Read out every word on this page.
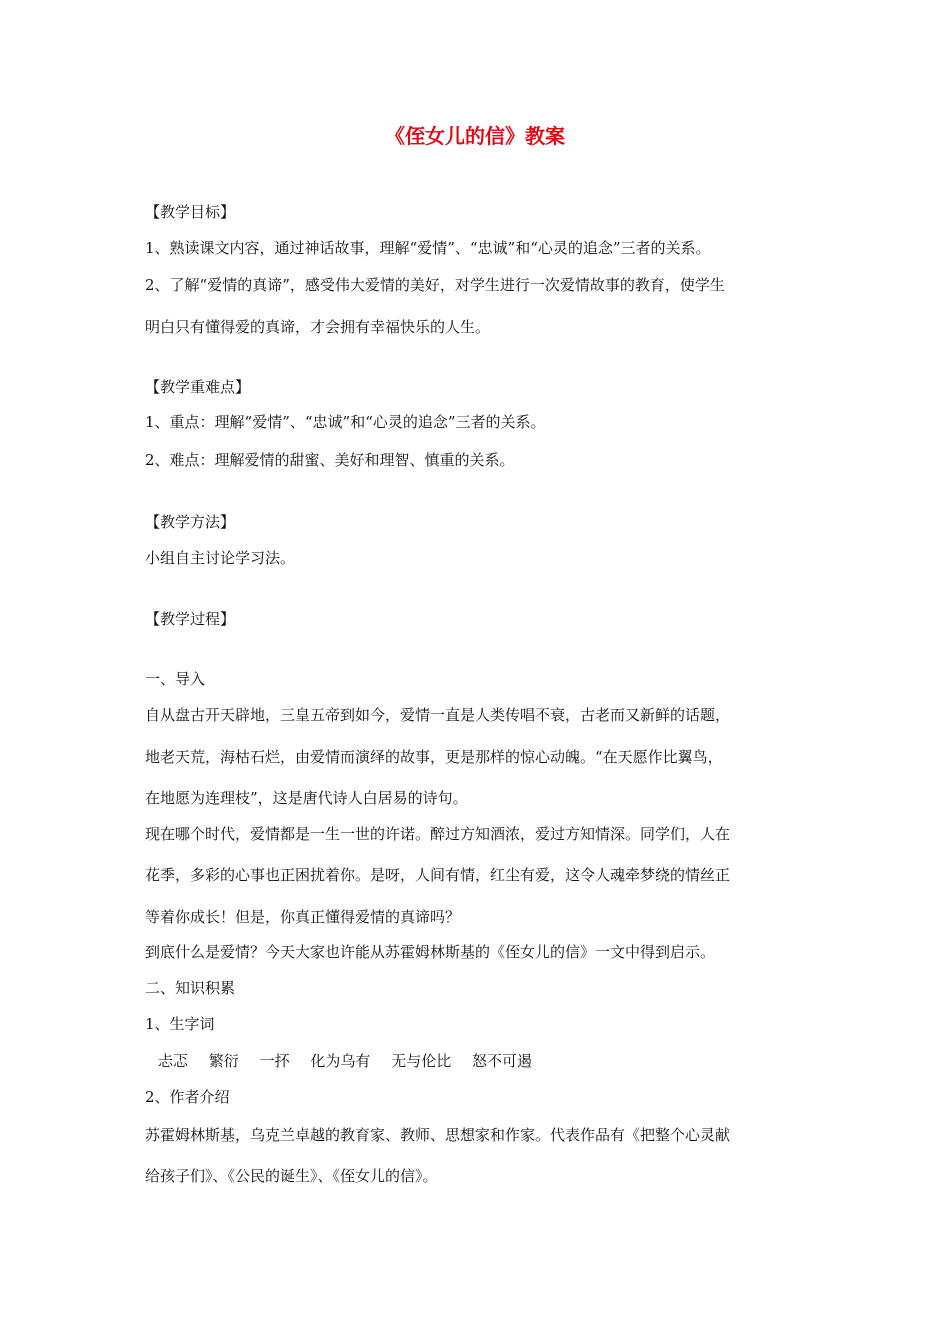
《侄女儿的信》教案

【教学目标】

1、熟读课文内容，通过神话故事，理解“爱情”、“忠诚”和“心灵的追念”三者的关系。

2、了解“爱情的真谛”，感受伟大爱情的美好，对学生进行一次爱情故事的教育，使学生

明白只有懂得爱的真谛，才会拥有幸福快乐的人生。

【教学重难点】

1、重点：理解“爱情”、“忠诚”和“心灵的追念”三者的关系。

2、难点：理解爱情的甜蜜、美好和理智、慎重的关系。

【教学方法】

小组自主讨论学习法。

【教学过程】

一、导入

自从盘古开天辟地，三皇五帝到如今，爱情一直是人类传唱不衰，古老而又新鲜的话题，

地老天荒，海枯石烂，由爱情而演绎的故事，更是那样的惊心动魄。“在天愿作比翼鸟，

在地愿为连理枝”，这是唐代诗人白居易的诗句。

现在哪个时代，爱情都是一生一世的许诺。醉过方知酒浓，爱过方知情深。同学们，人在

花季，多彩的心事也正困扰着你。是呀，人间有情，红尘有爱，这令人魂牵梦绕的情丝正

等着你成长！但是，你真正懂得爱情的真谛吗？

到底什么是爱情？今天大家也许能从苏霍姆林斯基的《侄女儿的信》一文中得到启示。

二、知识积累

1、生字词

忐忑 繁衍 一抔 化为乌有 无与伦比 怒不可遏

2、作者介绍

苏霍姆林斯基，乌克兰卓越的教育家、教师、思想家和作家。代表作品有《把整个心灵献

给孩子们》、《公民的诞生》、《侄女儿的信》。
